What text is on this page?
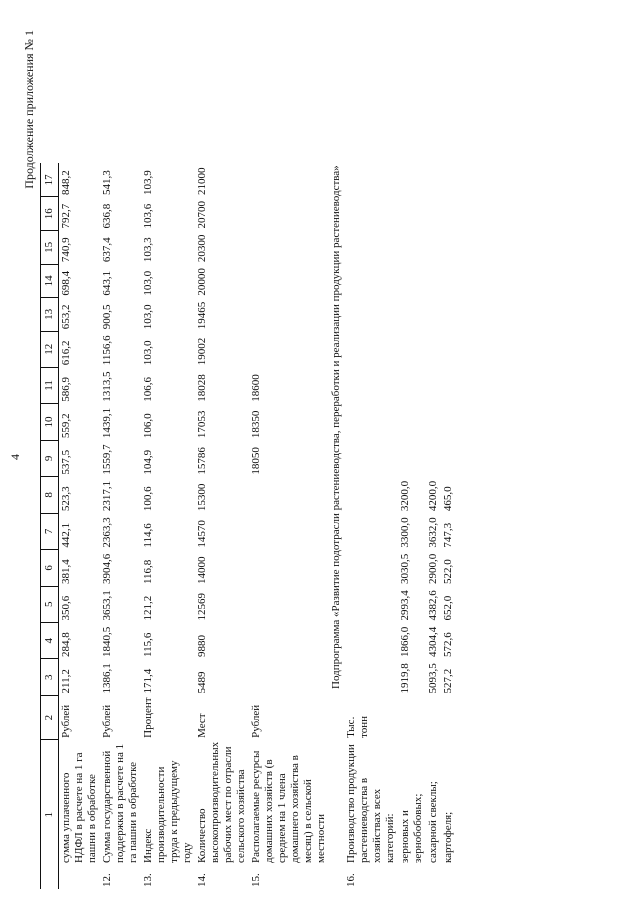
4
Продолжение приложения № 1
1		2	3	4	5	6	7	8	9	10	11	12	13	14	15	16	17
	сумма уплаченного НДФЛ в расчете на 1 га пашни в обработке	Рублей	211,2	284,8	350,6	381,4	442,1	523,3	537,5	559,2	586,9	616,2	653,2	698,4	740,9	792,7	848,2
12.	Сумма государственной поддержки в расчете на 1 га пашни в обработке	Рублей	1386,1	1840,5	3653,1	3904,6	2363,3	2317,1	1559,7	1439,1	1313,5	1156,6	900,5	643,1	637,4	636,8	541,3
13.	Индекс производительности труда к предыдущему году	Процент	171,4	115,6	121,2	116,8	114,6	100,6	104,9	106,0	106,6	103,0	103,0	103,0	103,3	103,6	103,9
14.	Количество высокопроизводительных рабочих мест по отрасли сельского хозяйства	Мест	5489	9880	12569	14000	14570	15300	15786	17053	18028	19002	19465	20000	20300	20700	21000
15.	Располагаемые ресурсы домашних хозяйств (в среднем на 1 члена домашнего хозяйства в месяц) в сельской местности	Рублей							18050	18350	18600						
Подпрограмма «Развитие подотрасли растениеводства, переработки и реализации продукции растениеводства»																	
16.	Производство продукции растениеводства в хозяйствах всех категорий:	Тыс. тонн															
	зерновых и зернобобовых;		1919,8	1866,0	2993,4	3030,5	3300,0	3200,0									
	сахарной свеклы;		5093,5	4304,4	4382,6	2900,0	3632,0	4200,0									
	картофеля;		527,2	572,6	652,0	522,0	747,3	465,0									
